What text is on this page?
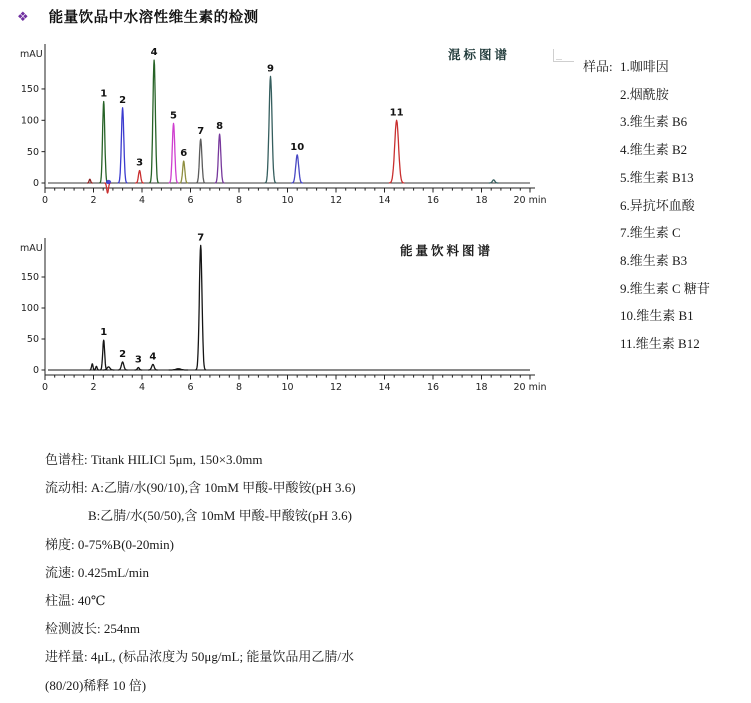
❖ 能量饮品中水溶性维生素的检测
0	2	4	6	8	10	12	14	16	18	20 min
0
50
100
150
mAU
1
2
3
4
5
6
7 8
9
10
11
混标图谱
0	2	4	6	8	10	12	14	16	18	20 min
0
50
100
150
mAU
1
2
3 4
7
能量饮料图谱
样品: 1.咖啡因
2.烟酰胺
3.维生素 B6
4.维生素 B2
5.维生素 B13
6.异抗坏血酸
7.维生素 C
8.维生素 B3
9.维生素 C 糖苷
10.维生素 B1
11.维生素 B12
色谱柱: Titank HILICl 5μm, 150×3.0mm
流动相: A:乙腈/水(90/10),含 10mM 甲酸-甲酸铵(pH 3.6)
B:乙腈/水(50/50),含 10mM 甲酸-甲酸铵(pH 3.6)
梯度: 0-75%B(0-20min)
流速: 0.425mL/min
柱温: 40℃
检测波长: 254nm
进样量: 4μL, (标品浓度为 50μg/mL; 能量饮品用乙腈/水
(80/20)稀释 10 倍)
